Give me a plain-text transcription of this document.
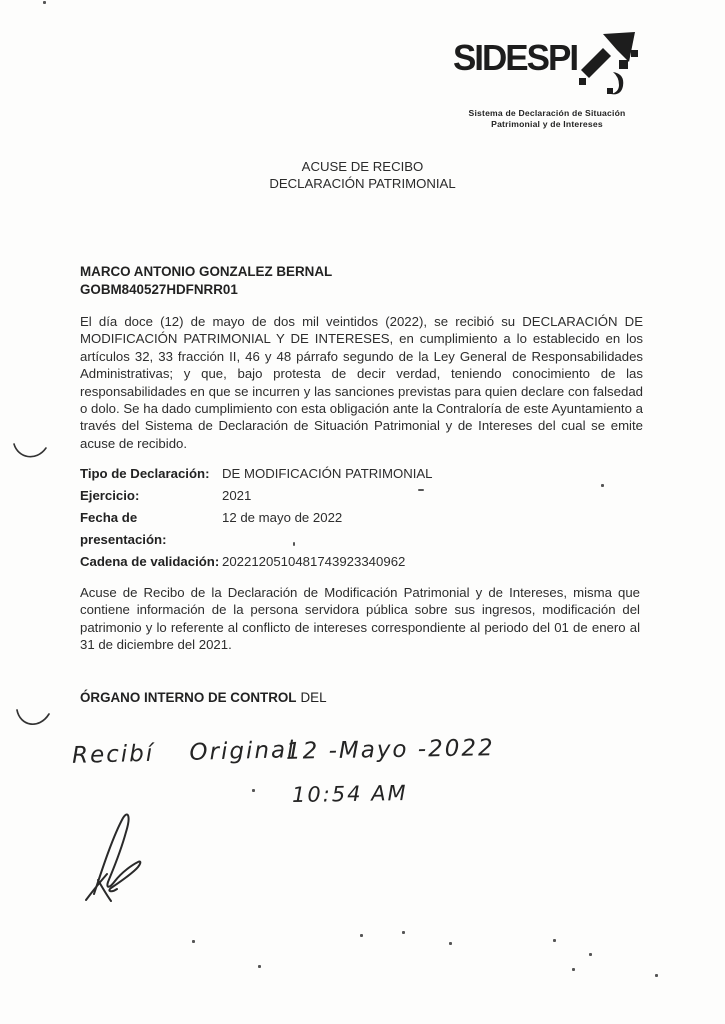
SIDESPI
Sistema de Declaración de Situación
Patrimonial y de Intereses
ACUSE DE RECIBO
DECLARACIÓN PATRIMONIAL
MARCO ANTONIO GONZALEZ BERNAL
GOBM840527HDFNRR01
El día doce (12) de mayo de dos mil veintidos (2022), se recibió su DECLARACIÓN DE MODIFICACIÓN PATRIMONIAL Y DE INTERESES, en cumplimiento a lo establecido en los artículos 32, 33 fracción II, 46 y 48 párrafo segundo de la Ley General de Responsabilidades Administrativas; y que, bajo protesta de decir verdad, teniendo conocimiento de las responsabilidades en que se incurren y las sanciones previstas para quien declare con falsedad o dolo. Se ha dado cumplimiento con esta obligación ante la Contraloría de este Ayuntamiento a través del Sistema de Declaración de Situación Patrimonial y de Intereses del cual se emite acuse de recibido.
Tipo de Declaración: DE MODIFICACIÓN PATRIMONIAL
Ejercicio:	2021
Fecha de presentación:
12 de mayo de 2022
Cadena de validación: 2022120510481743923340962
Acuse de Recibo de la Declaración de Modificación Patrimonial y de Intereses, misma que contiene información de la persona servidora pública sobre sus ingresos, modificación del patrimonio y lo referente al conflicto de intereses correspondiente al periodo del 01 de enero al 31 de diciembre del 2021.
ÓRGANO INTERNO DE CONTROL DEL
Recibí Original
12 -Mayo -2022
10:54 AM
